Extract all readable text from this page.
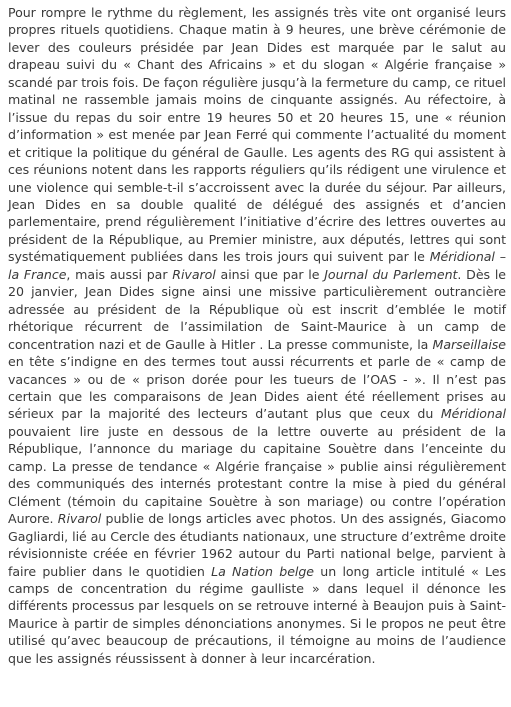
Pour rompre le rythme du règlement, les assignés très vite ont organisé leurs propres rituels quotidiens. Chaque matin à 9 heures, une brève cérémonie de lever des couleurs présidée par Jean Dides est marquée par le salut au drapeau suivi du « Chant des Africains » et du slogan « Algérie française » scandé par trois fois. De façon régulière jusqu’à la fermeture du camp, ce rituel matinal ne rassemble jamais moins de cinquante assignés. Au réfectoire, à l’issue du repas du soir entre 19 heures 50 et 20 heures 15, une « réunion d’information » est menée par Jean Ferré qui commente l’actualité du moment et critique la politique du général de Gaulle. Les agents des RG qui assistent à ces réunions notent dans les rapports réguliers qu’ils rédigent une virulence et une violence qui semble-t-il s’accroissent avec la durée du séjour. Par ailleurs, Jean Dides en sa double qualité de délégué des assignés et d’ancien parlementaire, prend régulièrement l’initiative d’écrire des lettres ouvertes au président de la République, au Premier ministre, aux députés, lettres qui sont systématiquement publiées dans les trois jours qui suivent par le Méridional – la France, mais aussi par Rivarol ainsi que par le Journal du Parlement. Dès le 20 janvier, Jean Dides signe ainsi une missive particulièrement outrancière adressée au président de la République où est inscrit d’emblée le motif rhétorique récurrent de l’assimilation de Saint-Maurice à un camp de concentration nazi et de Gaulle à Hitler . La presse communiste, la Marseillaise en tête s’indigne en des termes tout aussi récurrents et parle de « camp de vacances » ou de « prison dorée pour les tueurs de l’OAS - ». Il n’est pas certain que les comparaisons de Jean Dides aient été réellement prises au sérieux par la majorité des lecteurs d’autant plus que ceux du Méridional pouvaient lire juste en dessous de la lettre ouverte au président de la République, l’annonce du mariage du capitaine Souètre dans l’enceinte du camp. La presse de tendance « Algérie française » publie ainsi régulièrement des communiqués des internés protestant contre la mise à pied du général Clément (témoin du capitaine Souètre à son mariage) ou contre l’opération Aurore. Rivarol publie de longs articles avec photos. Un des assignés, Giacomo Gagliardi, lié au Cercle des étudiants nationaux, une structure d’extrême droite révisionniste créée en février 1962 autour du Parti national belge, parvient à faire publier dans le quotidien La Nation belge un long article intitulé « Les camps de concentration du régime gaulliste » dans lequel il dénonce les différents processus par lesquels on se retrouve interné à Beaujon puis à Saint-Maurice à partir de simples dénonciations anonymes. Si le propos ne peut être utilisé qu’avec beaucoup de précautions, il témoigne au moins de l’audience que les assignés réussissent à donner à leur incarcération.
